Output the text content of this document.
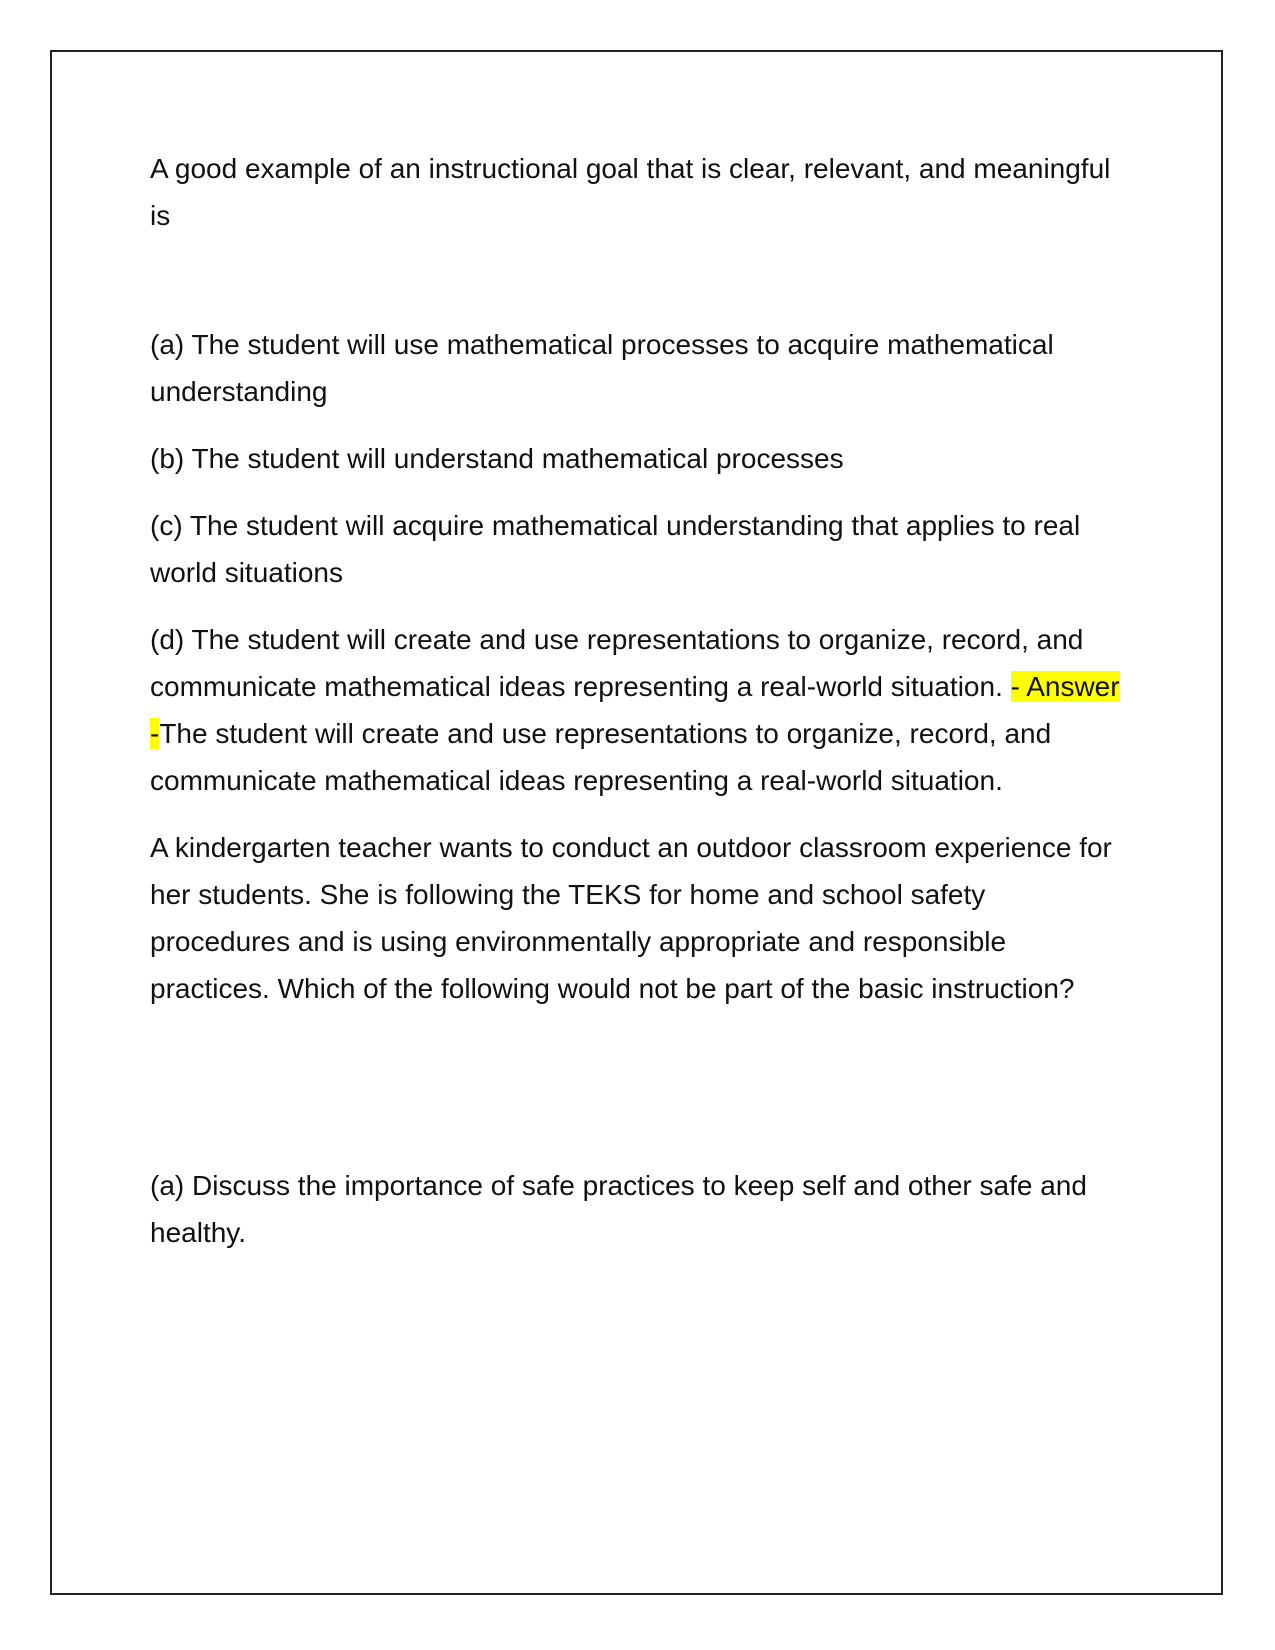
A good example of an instructional goal that is clear, relevant, and meaningful is

(a) The student will use mathematical processes to acquire mathematical understanding

(b) The student will understand mathematical processes

(c) The student will acquire mathematical understanding that applies to real world situations

(d) The student will create and use representations to organize, record, and communicate mathematical ideas representing a real-world situation. - Answer -The student will create and use representations to organize, record, and communicate mathematical ideas representing a real-world situation.

A kindergarten teacher wants to conduct an outdoor classroom experience for her students. She is following the TEKS for home and school safety procedures and is using environmentally appropriate and responsible practices. Which of the following would not be part of the basic instruction?

(a) Discuss the importance of safe practices to keep self and other safe and healthy.
